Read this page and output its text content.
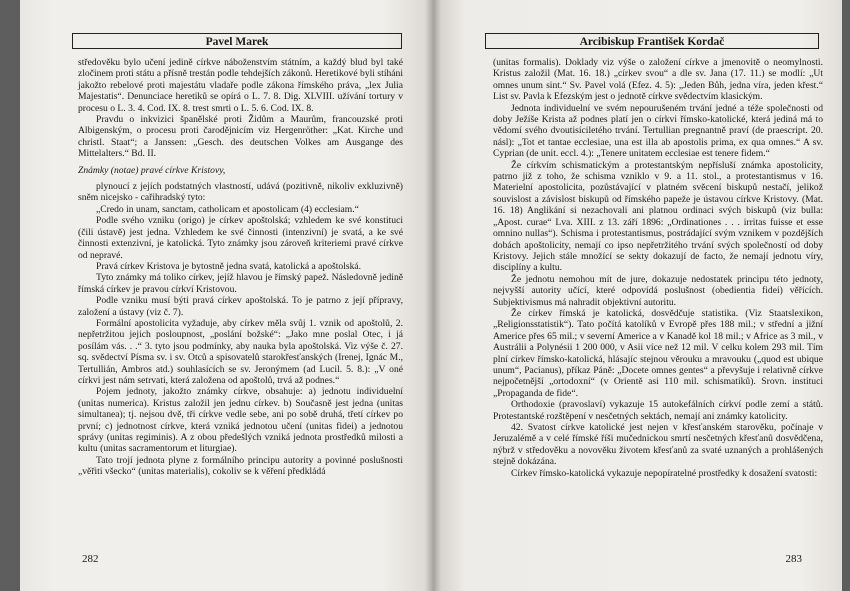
Pavel Marek

středověku bylo učení jedině církve náboženstvím státním, a každý blud byl také zločinem proti státu a přísně trestán podle tehdejších zákonů. Heretikové byli stíháni jakožto rebelové proti majestátu vladaře podle zákona římského práva, „lex Julia Majestatis“. Denunciace heretiků se opírá o L. 7. 8. Dig. XLVIII. užívání tortury v procesu o L. 3. 4. Cod. IX. 8. trest smrti o L. 5. 6. Cod. IX. 8.

Pravdu o inkvizici španělské proti Židům a Maurům, francouzské proti Albigenským, o procesu proti čarodějnicím viz Hergenröther: „Kat. Kirche und christl. Staat“; a Janssen: „Gesch. des deutschen Volkes am Ausgange des Mittelalters.“ Bd. II.

Známky (notae) pravé církve Kristovy,

plynoucí z jejích podstatných vlastností, udává (pozitivně, nikoliv exkluzivně) sněm nicejsko - cařihradský tyto:

„Credo in unam, sanctam, catholicam et apostolicam (4) ecclesiam.“

Podle svého vzniku (origo) je církev apoštolská; vzhledem ke své konstituci (čili ústavě) jest jedna. Vzhledem ke své činnosti (intenzivní) je svatá, a ke své činnosti extenzivní, je katolická. Tyto známky jsou zároveň kriteriemi pravé církve od nepravé.

Pravá církev Kristova je bytostně jedna svatá, katolická a apoštolská.

Tyto známky má toliko církev, jejíž hlavou je římský papež. Následovně jedině římská církev je pravou církví Kristovou.

Podle vzniku musí býti pravá církev apoštolská. To je patrno z její přípravy, založení a ústavy (viz č. 7).

Formální apostolicita vyžaduje, aby církev měla svůj 1. vznik od apoštolů, 2. nepřetržitou jejich posloupnost, „poslání božské“: „Jako mne poslal Otec, i já posílám vás. . .“ 3. tyto jsou podmínky, aby nauka byla apoštolská. Viz výše č. 27. sq. svědectví Písma sv. i sv. Otců a spisovatelů starokřesťanských (Irenej, Ignác M., Tertullián, Ambros atd.) souhlasících se sv. Jeronýmem (ad Lucil. 5. 8.): „V oné církvi jest nám setrvati, která založena od apoštolů, trvá až podnes.“

Pojem jednoty, jakožto známky církve, obsahuje: a) jednotu individuelní (unitas numerica). Kristus založil jen jednu církev. b) Současně jest jedna (unitas simultanea); tj. nejsou dvě, tři církve vedle sebe, ani po sobě druhá, třetí církev po první; c) jednotnost církve, která vzniká jednotou učení (unitas fidei) a jednotou správy (unitas regiminis). A z obou předešlých vzniká jednota prostředků milosti a kultu (unitas sacramentorum et liturgiae).

Tato trojí jednota plyne z formálního principu autority a povinné poslušnosti „věřiti všecko“ (unitas materialis), cokoliv se k věření předkládá

282
Arcibiskup František Kordač

(unitas formalis). Doklady viz výše o založení církve a jmenovitě o neomylnosti. Kristus založil (Mat. 16. 18.) „církev svou“ a dle sv. Jana (17. 11.) se modlí: „Ut omnes unum sint.“ Sv. Pavel volá (Efez. 4. 5): „Jeden Bůh, jedna víra, jeden křest.“ List sv. Pavla k Efezským jest o jednotě církve svědectvím klasickým.

Jednota individuelní ve svém nepourušeném trvání jedné a téže společnosti od doby Ježíše Krista až podnes platí jen o církvi římsko-katolické, která jediná má to vědomí svého dvoutisíciletého trvání. Tertullian pregnantně praví (de praescript. 20. násl): „Tot et tantae ecclesiae, una est illa ab apostolis prima, ex qua omnes.“ A sv. Cyprian (de unit. eccl. 4.): „Tenere unitatem ecclesiae est tenere fidem.“

Že církvím schismatickým a protestantským nepřísluší známka apostolicity, patrno již z toho, že schisma vzniklo v 9. a 11. stol., a protestantismus v 16. Materielní apostolicita, pozůstávající v platném svěcení biskupů nestačí, jelikož souvislost a závislost biskupů od římského papeže je ústavou církve Kristovy. (Mat. 16. 18) Anglikání si nezachovali ani platnou ordinaci svých biskupů (viz bulla: „Apost. curae“ Lva. XIII. z 13. září 1896: „Ordinationes . . . irritas fuisse et esse omnino nullas“). Schisma i protestantismus, postrádající svým vznikem v pozdějších dobách apoštolicity, nemají co ipso nepřetržitého trvání svých společností od doby Kristovy. Jejich stále množící se sekty dokazují de facto, že nemají jednotu víry, disciplíny a kultu.

Že jednotu nemohou mít de jure, dokazuje nedostatek principu této jednoty, nejvyšší autority učící, které odpovídá poslušnost (obedientia fidei) věřících. Subjektivismus má nahradit objektivní autoritu.

Že církev římská je katolická, dosvědčuje statistika. (Viz Staatslexikon, „Religionsstatistik“). Tato počítá katolíků v Evropě přes 188 mil.; v střední a jižní Americe přes 65 mil.; v severní Americe a v Kanadě kol 18 mil.; v Africe as 3 mil., v Austrálii a Polynésii 1 200 000, v Asii více než 12 mil. V celku kolem 293 mil. Tím plní církev římsko-katolická, hlásajíc stejnou věrouku a mravouku („quod est ubique unum“, Pacianus), příkaz Páně: „Docete omnes gentes“ a převyšuje i relativně církve nejpočetnější „ortodoxní“ (v Orientě asi 110 mil. schismatiků). Srovn. instituci „Propaganda de fide“.

Orthodoxie (pravoslaví) vykazuje 15 autokefálních církví podle zemí a států. Protestantské rozštěpení v nesčetných sektách, nemají ani známky katolicity.

42. Svatost církve katolické jest nejen v křesťanském starověku, počínaje v Jeruzalémě a v celé římské říši mučednickou smrtí nesčetných křesťanů dosvědčena, nýbrž v středověku a novověku životem křesťanů za svaté uznaných a prohlášených stejně dokázána.

Církev římsko-katolická vykazuje nepopíratelné prostředky k dosažení svatosti:

283
